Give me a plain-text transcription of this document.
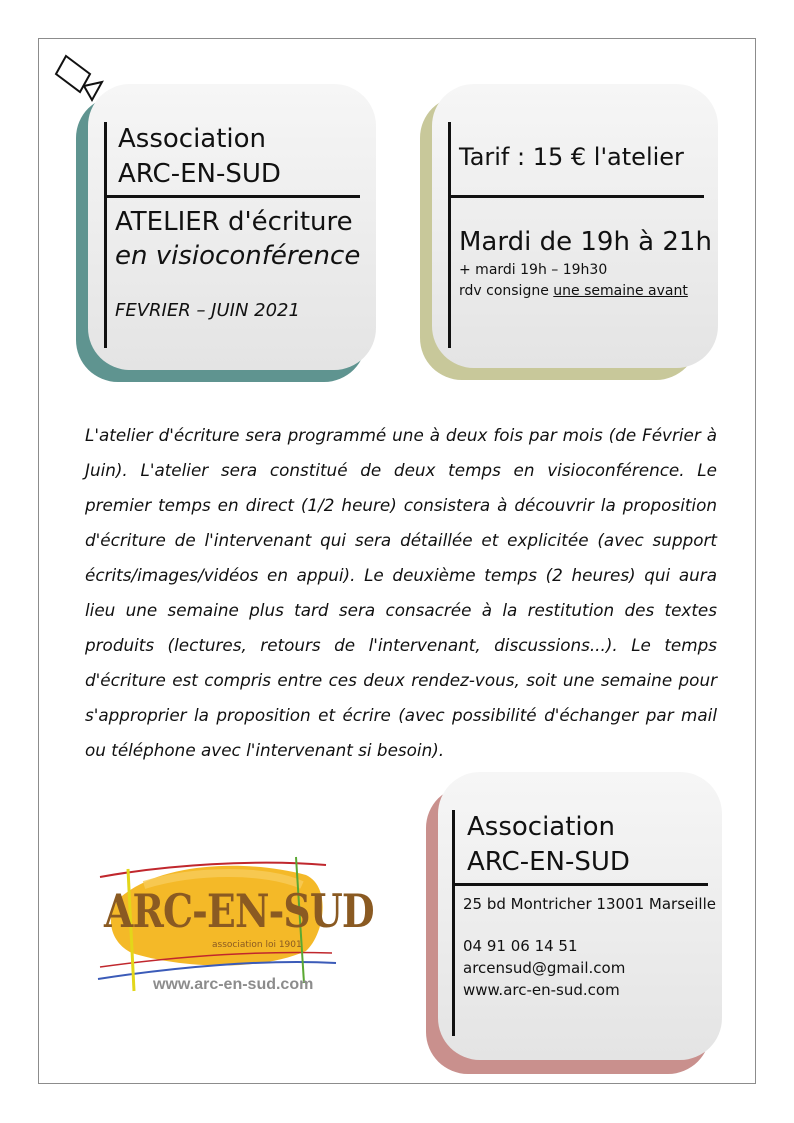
Association
ARC-EN-SUD
ATELIER d'écriture
en visioconférence
FEVRIER – JUIN 2021
Tarif : 15 € l'atelier
Mardi de 19h à 21h
+ mardi 19h – 19h30
rdv consigne une semaine avant
L'atelier d'écriture sera programmé une à deux fois par mois (de Février à Juin). L'atelier sera constitué de deux temps en visioconférence. Le premier temps en direct (1/2 heure) consistera à découvrir la proposition d'écriture de l'intervenant qui sera détaillée et explicitée (avec support écrits/images/vidéos en appui). Le deuxième temps (2 heures) qui aura lieu une semaine plus tard sera consacrée à la restitution des textes produits (lectures, retours de l'intervenant, discussions...). Le temps d'écriture est compris entre ces deux rendez-vous, soit une semaine pour s'approprier la proposition et écrire (avec possibilité d'échanger par mail ou téléphone avec l'intervenant si besoin).
ARC-EN-SUD
association loi 1901
www.arc-en-sud.com
Association
ARC-EN-SUD
25 bd Montricher 13001 Marseille
04 91 06 14 51
arcensud@gmail.com
www.arc-en-sud.com
